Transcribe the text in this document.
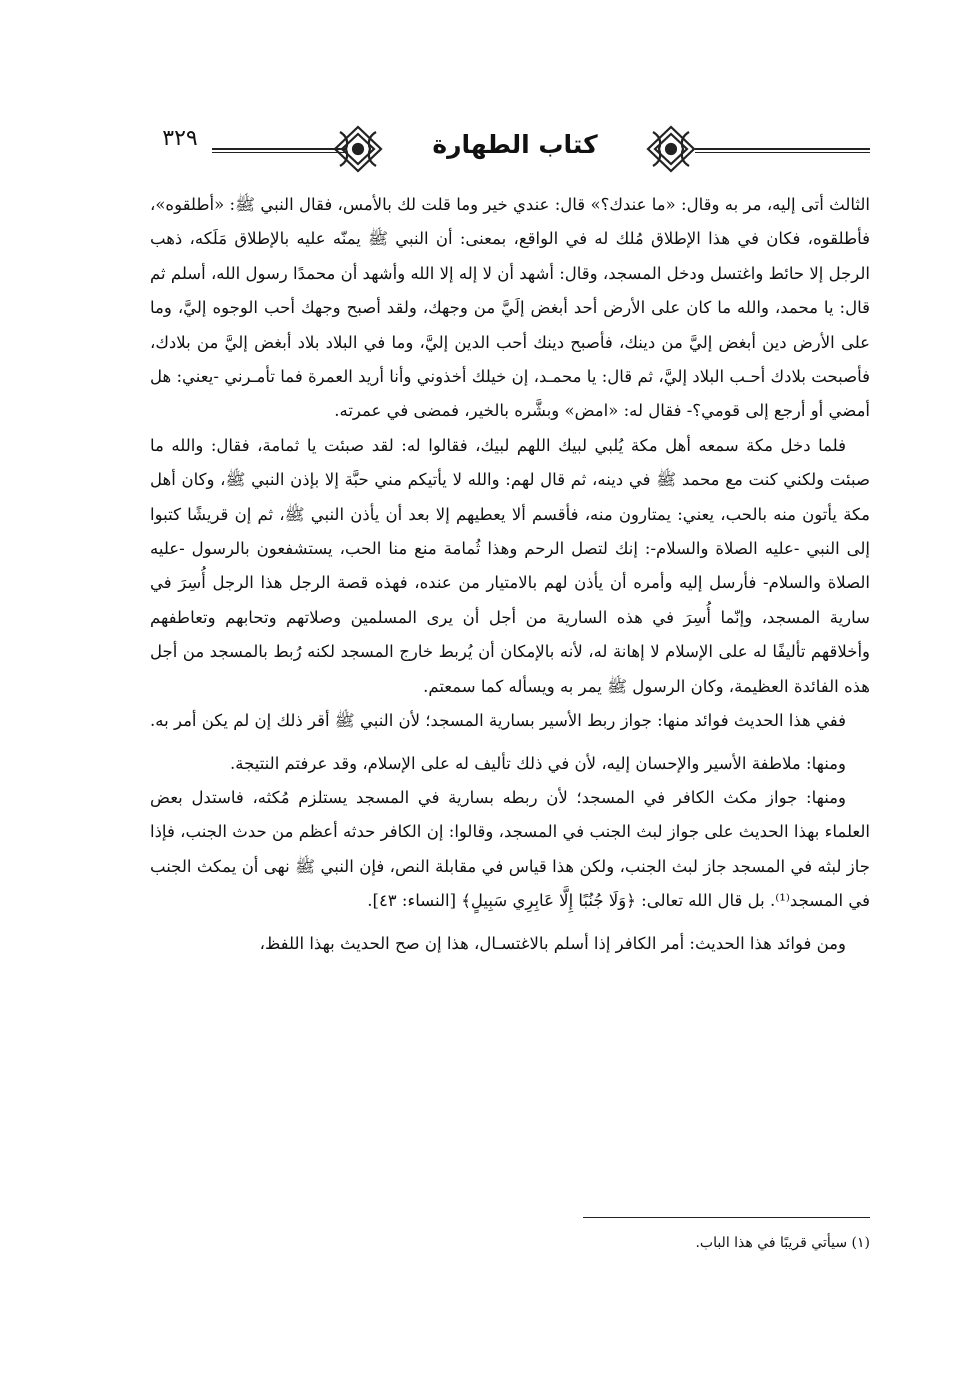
٣٢٩	كتاب الطهارة

الثالث أتى إليه، مر به وقال: «ما عندك؟» قال: عندي خير وما قلت لك بالأمس، فقال النبي ﷺ: «أطلقوه»، فأطلقوه، فكان في هذا الإطلاق مُلك له في الواقع، بمعنى: أن النبي ﷺ يمنّه عليه بالإطلاق مَلَكه، ذهب الرجل إلا حائط واغتسل ودخل المسجد، وقال: أشهد أن لا إله إلا الله وأشهد أن محمدًا رسول الله، أسلم ثم قال: يا محمد، والله ما كان على الأرض أحد أبغض إلَيَّ من وجهك، ولقد أصبح وجهك أحب الوجوه إليَّ، وما على الأرض دين أبغض إليَّ من دينك، فأصبح دينك أحب الدين إليَّ، وما في البلاد بلاد أبغض إليَّ من بلادك، فأصبحت بلادك أحـب البلاد إليَّ، ثم قال: يا محمـد، إن خيلك أخذوني وأنا أريد العمرة فما تأمـرني -يعني: هل أمضي أو أرجع إلى قومي؟- فقال له: «امض» وبشَّره بالخير، فمضى في عمرته.

فلما دخل مكة سمعه أهل مكة يُلبي لبيك اللهم لبيك، فقالوا له: لقد صبئت يا ثمامة، فقال: والله ما صبئت ولكني كنت مع محمد ﷺ في دينه، ثم قال لهم: والله لا يأتيكم مني حبَّة إلا بإذن النبي ﷺ، وكان أهل مكة يأتون منه بالحب، يعني: يمتارون منه، فأقسم ألا يعطيهم إلا بعد أن يأذن النبي ﷺ، ثم إن قريشًا كتبوا إلى النبي -عليه الصلاة والسلام-: إنك لتصل الرحم وهذا ثُمامة منع منا الحب، يستشفعون بالرسول -عليه الصلاة والسلام- فأرسل إليه وأمره أن يأذن لهم بالامتيار من عنده، فهذه قصة الرجل هذا الرجل أُسِرَ في سارية المسجد، وإنّما أُسِرَ في هذه السارية من أجل أن يرى المسلمين وصلاتهم وتحابهم وتعاطفهم وأخلاقهم تأليفًا له على الإسلام لا إهانة له، لأنه بالإمكان أن يُربط خارج المسجد لكنه رُبط بالمسجد من أجل هذه الفائدة العظيمة، وكان الرسول ﷺ يمر به ويسأله كما سمعتم.

ففي هذا الحديث فوائد منها: جواز ربط الأسير بسارية المسجد؛ لأن النبي ﷺ أقر ذلك إن لم يكن أمر به.

ومنها: ملاطفة الأسير والإحسان إليه، لأن في ذلك تأليف له على الإسلام، وقد عرفتم النتيجة.

ومنها: جواز مكث الكافر في المسجد؛ لأن ربطه بسارية في المسجد يستلزم مُكثه، فاستدل بعض العلماء بهذا الحديث على جواز لبث الجنب في المسجد، وقالوا: إن الكافر حدثه أعظم من حدث الجنب، فإذا جاز لبثه في المسجد جاز لبث الجنب، ولكن هذا قياس في مقابلة النص، فإن النبي ﷺ نهى أن يمكث الجنب في المسجد⁽¹⁾. بل قال الله تعالى: ﴿وَلَا جُنُبًا إِلَّا عَابِرِي سَبِيلٍ﴾ [النساء: ٤٣].

ومن فوائد هذا الحديث: أمر الكافر إذا أسلم بالاغتسـال، هذا إن صح الحديث بهذا اللفظ،

(١) سيأتي قريبًا في هذا الباب.
